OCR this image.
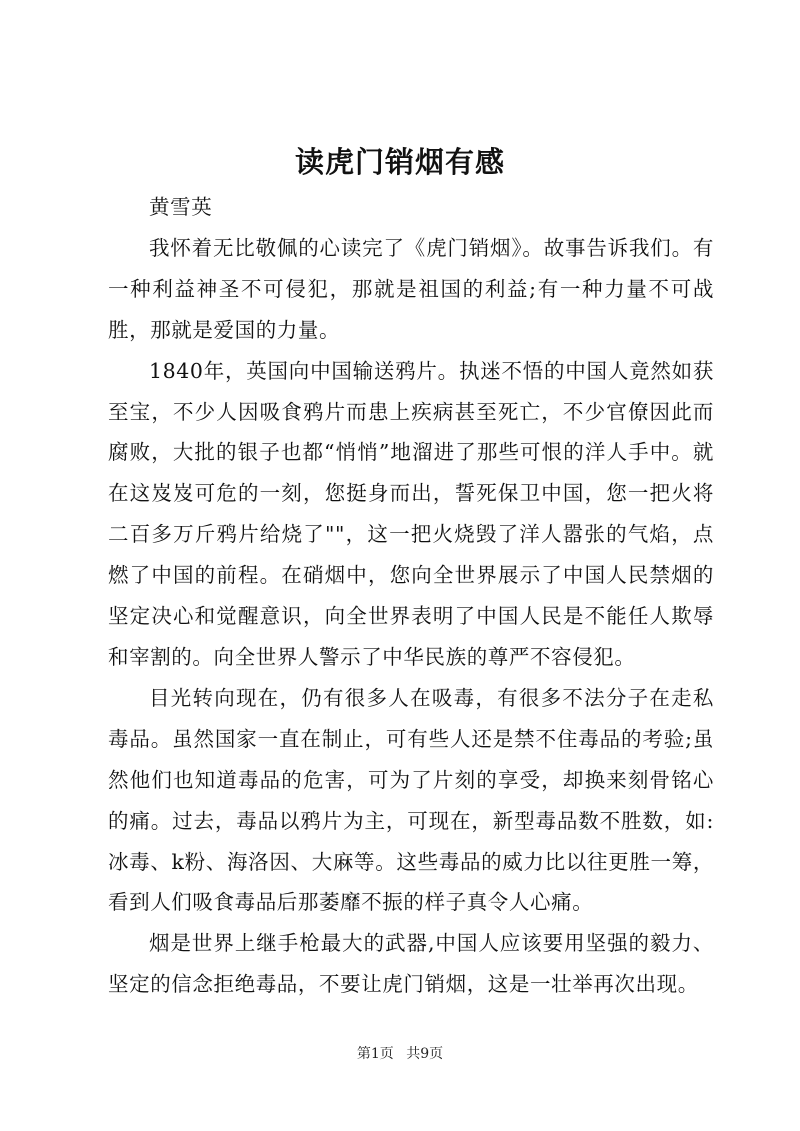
读虎门销烟有感

黄雪英

我怀着无比敬佩的心读完了《虎门销烟》。故事告诉我们。有一种利益神圣不可侵犯，那就是祖国的利益;有一种力量不可战胜，那就是爱国的力量。

1840年，英国向中国输送鸦片。执迷不悟的中国人竟然如获至宝，不少人因吸食鸦片而患上疾病甚至死亡，不少官僚因此而腐败，大批的银子也都“悄悄”地溜进了那些可恨的洋人手中。就在这岌岌可危的一刻，您挺身而出，誓死保卫中国，您一把火将二百多万斤鸦片给烧了""，这一把火烧毁了洋人嚣张的气焰，点燃了中国的前程。在硝烟中，您向全世界展示了中国人民禁烟的坚定决心和觉醒意识，向全世界表明了中国人民是不能任人欺辱和宰割的。向全世界人警示了中华民族的尊严不容侵犯。

目光转向现在，仍有很多人在吸毒，有很多不法分子在走私毒品。虽然国家一直在制止，可有些人还是禁不住毒品的考验;虽然他们也知道毒品的危害，可为了片刻的享受，却换来刻骨铭心的痛。过去，毒品以鸦片为主，可现在，新型毒品数不胜数，如:冰毒、k粉、海洛因、大麻等。这些毒品的威力比以往更胜一筹，看到人们吸食毒品后那萎靡不振的样子真令人心痛。

烟是世界上继手枪最大的武器,中国人应该要用坚强的毅力、坚定的信念拒绝毒品，不要让虎门销烟，这是一壮举再次出现。

第1页 共9页
